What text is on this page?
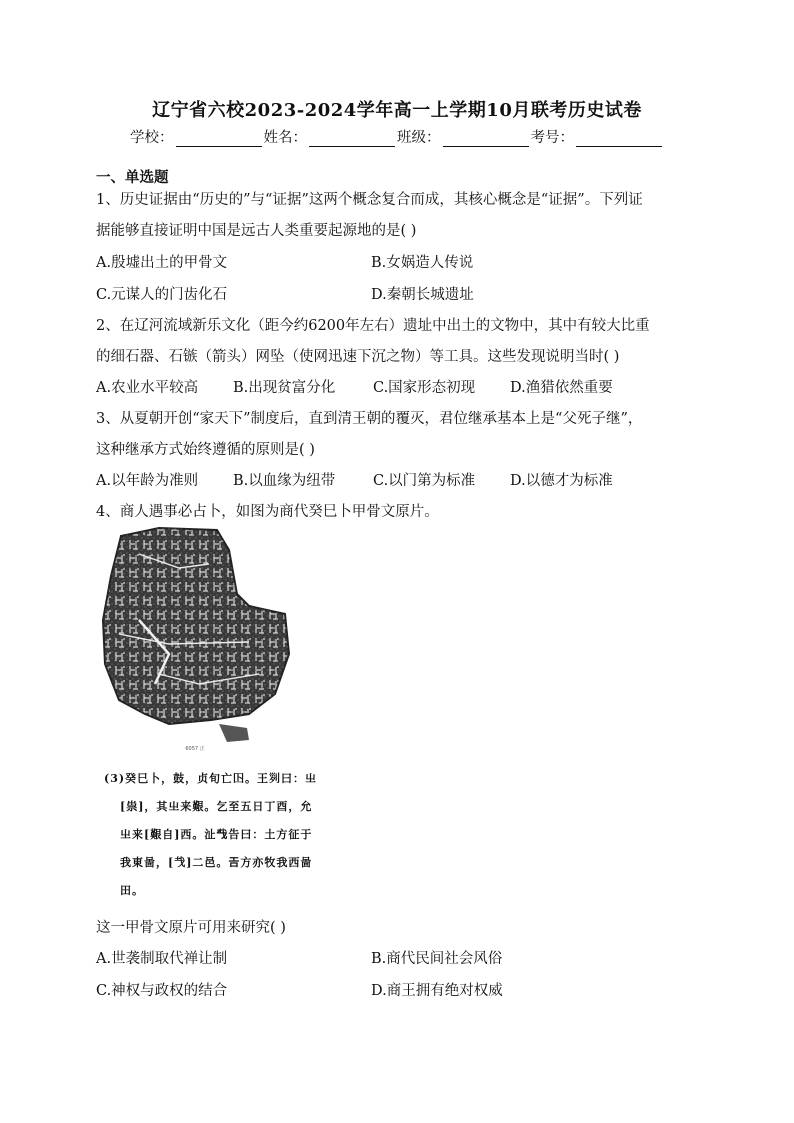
辽宁省六校2023-2024学年高一上学期10月联考历史试卷
学校：	姓名：	班级：	考号：
一、单选题
1、历史证据由“历史的”与“证据”这两个概念复合而成，其核心概念是“证据”。下列证
据能够直接证明中国是远古人类重要起源地的是( )
A.殷墟出土的甲骨文	B.女娲造人传说
C.元谋人的门齿化石	D.秦朝长城遗址
2、在辽河流域新乐文化（距今约6200年左右）遗址中出土的文物中，其中有较大比重
的细石器、石镞（箭头）网坠（使网迅速下沉之物）等工具。这些发现说明当时( )
A.农业水平较高 B.出现贫富分化	C.国家形态初现 D.渔猎依然重要
3、从夏朝开创“家天下”制度后，直到清王朝的覆灭，君位继承基本上是“父死子继”，
这种继承方式始终遵循的原则是( )
A.以年龄为准则 B.以血缘为纽带	C.以门第为标准 D.以德才为标准
4、商人遇事必占卜，如图为商代癸巳卜甲骨文原片。
6057 正
(3)癸巳卜，鼓，贞旬亡𡆥。王𠛱曰：㞢
[祟]，其㞢来艱。乞至五日丁酉，允
㞢来[艱自]西。沚𢦔告曰：土方征于
我東啚，[𢦏]二邑。𢀛方亦牧我西啚
田。
这一甲骨文原片可用来研究( )
A.世袭制取代禅让制	B.商代民间社会风俗
C.神权与政权的结合	D.商王拥有绝对权威
